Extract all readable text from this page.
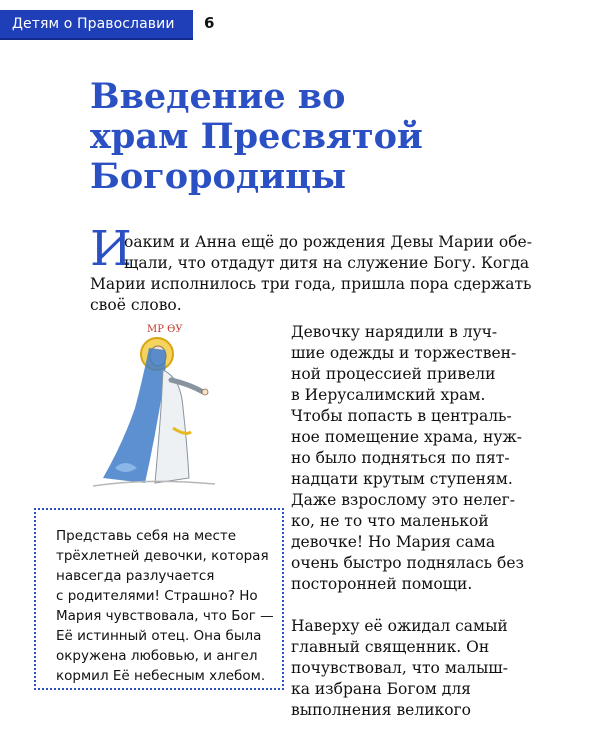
Детям о Православии 6
Введение во
храм Пресвятой
Богородицы
И
оаким и Анна ещё до рождения Девы Марии обе-
щали, что отдадут дитя на служение Богу. Когда
Марии исполнилось три года, пришла пора сдержать
своё слово.
МР ѲУ	Девочку нарядили в луч-
шие одежды и торжествен-
ной процессией привели
в Иерусалимский храм.
Чтобы попасть в централь-
ное помещение храма, нуж-
но было подняться по пят-
надцати крутым ступеням.
Даже взрослому это нелег-
ко, не то что маленькой
девочке! Но Мария сама
очень быстро поднялась без
посторонней помощи.
Наверху её ожидал самый
главный священник. Он
почувствовал, что малыш-
ка избрана Богом для
выполнения великого
Представь себя на месте
трёхлетней девочки, которая
навсегда разлучается
с родителями! Страшно? Но
Мария чувствовала, что Бог —
Её истинный отец. Она была
окружена любовью, и ангел
кормил Её небесным хлебом.
